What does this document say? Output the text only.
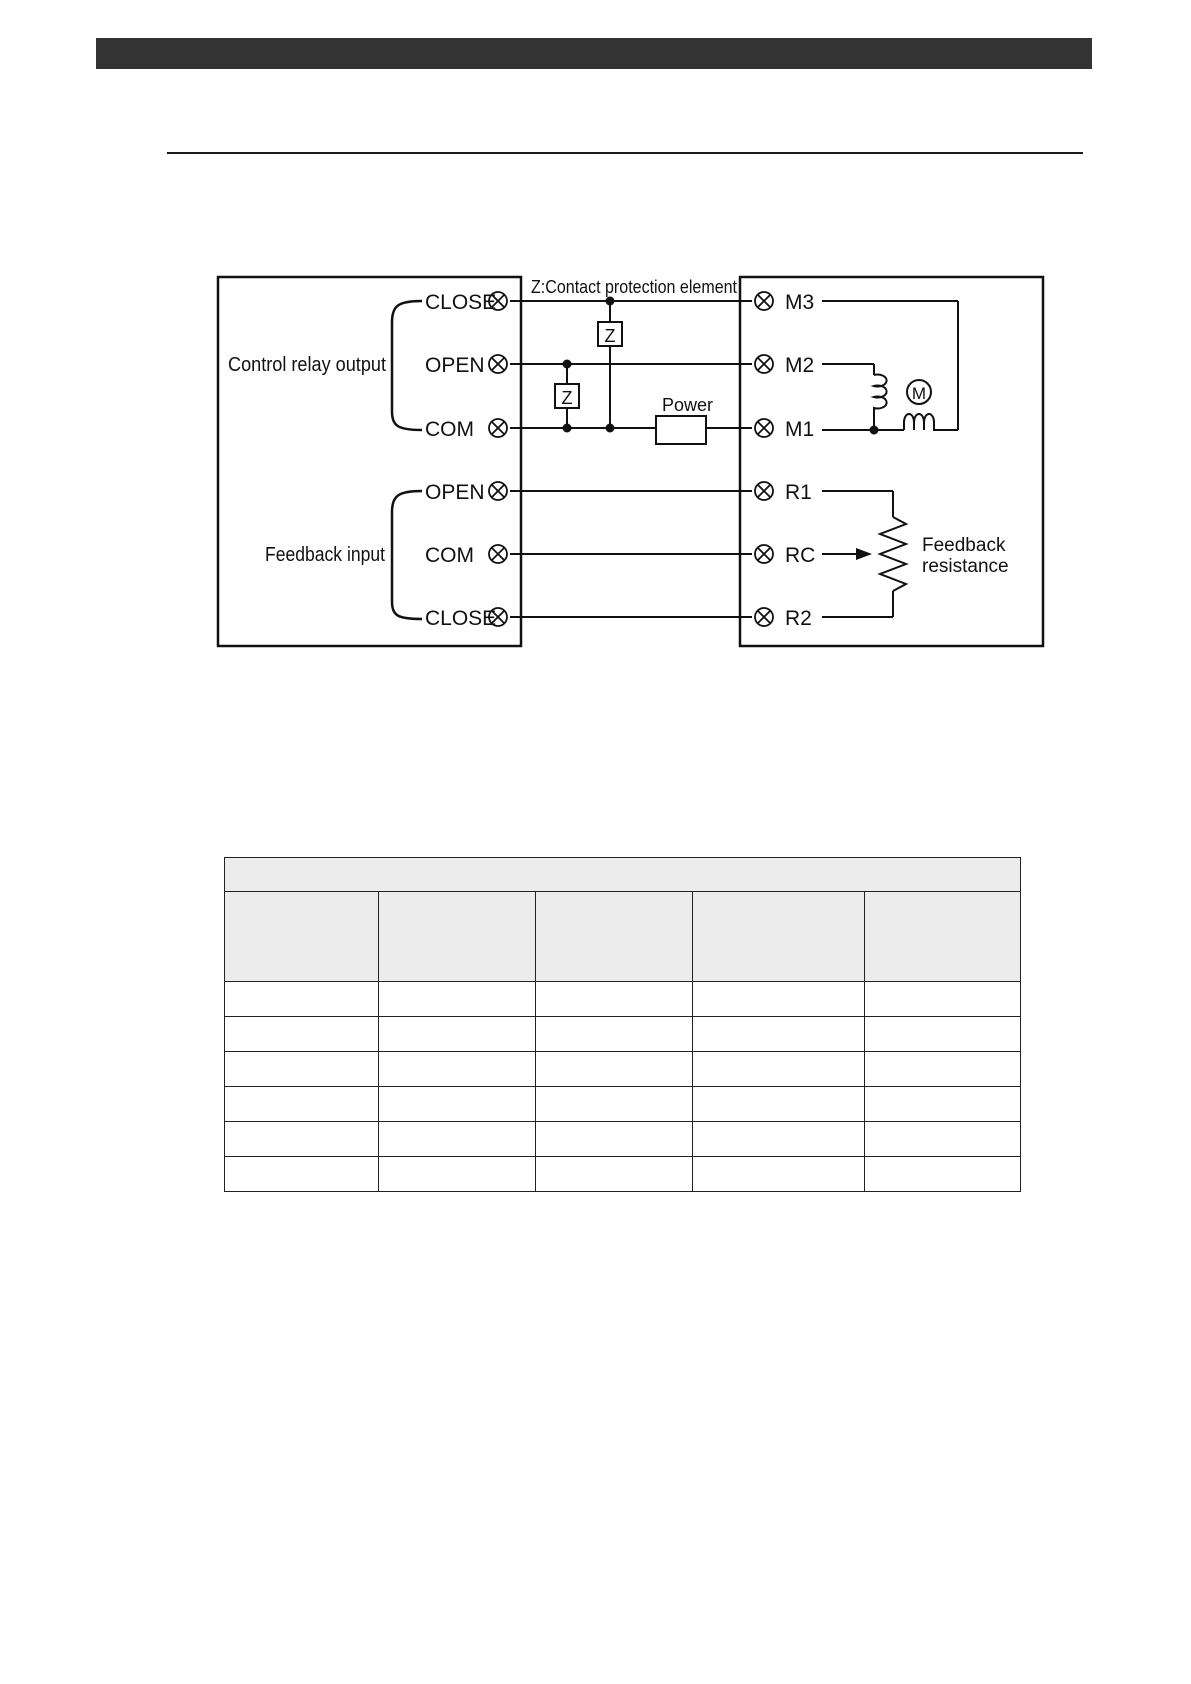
Control relay output
Feedback input
CLOSE
OPEN
COM
OPEN
COM
CLOSE
Z:Contact protection element
Z
Z
Power
M3
M2
M1
R1
RC
R2
M
Feedback
resistance
